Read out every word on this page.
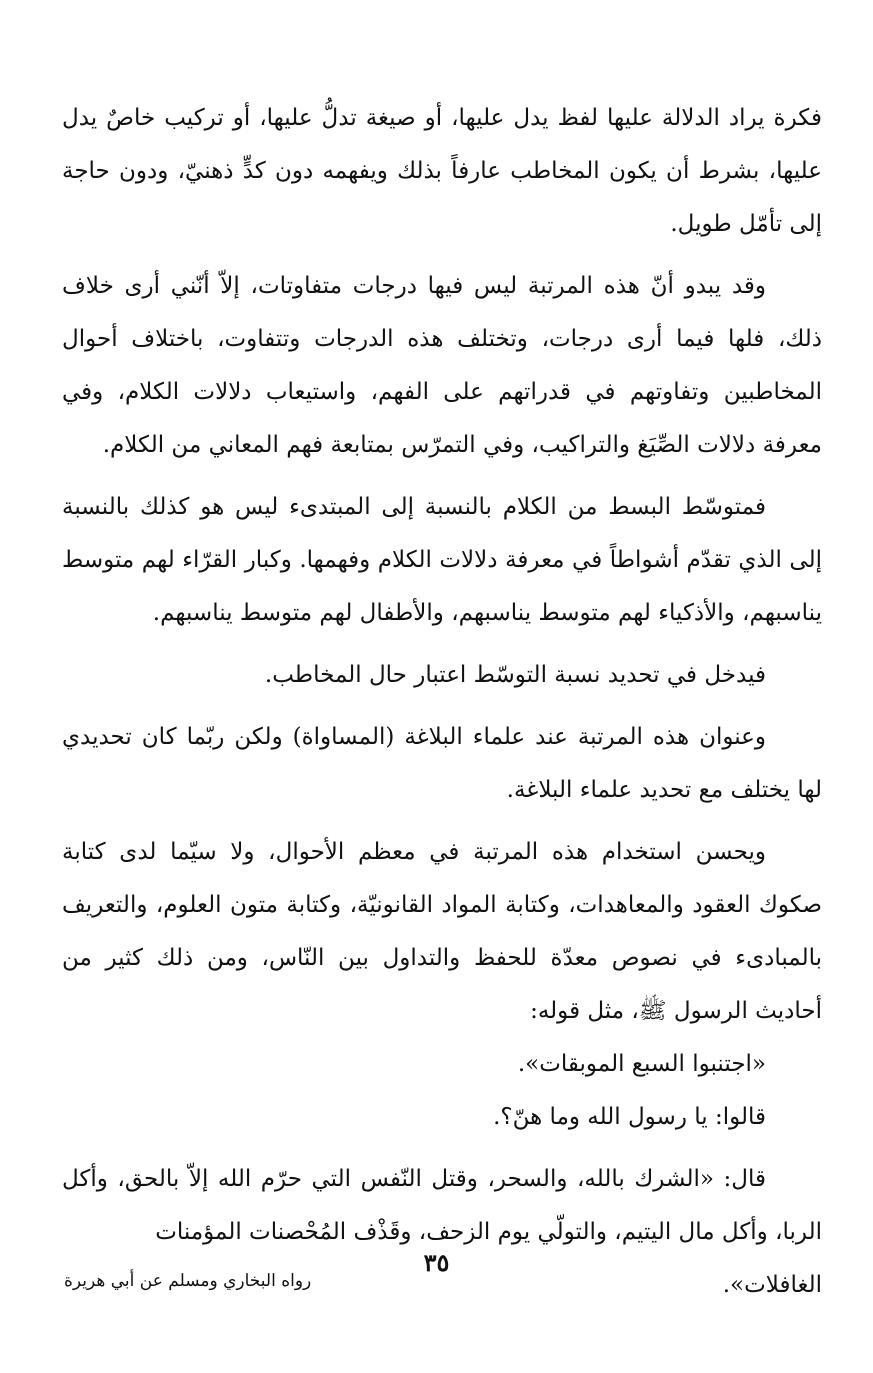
فكرة يراد الدلالة عليها لفظ يدل عليها، أو صيغة تدلُّ عليها، أو تركيب خاصٌ يدل عليها، بشرط أن يكون المخاطب عارفاً بذلك ويفهمه دون كدٍّ ذهنيّ، ودون حاجة إلى تأمّل طويل.

وقد يبدو أنّ هذه المرتبة ليس فيها درجات متفاوتات، إلاّ أنّني أرى خلاف ذلك، فلها فيما أرى درجات، وتختلف هذه الدرجات وتتفاوت، باختلاف أحوال المخاطبين وتفاوتهم في قدراتهم على الفهم، واستيعاب دلالات الكلام، وفي معرفة دلالات الصِّيَغ والتراكيب، وفي التمرّس بمتابعة فهم المعاني من الكلام.

فمتوسّط البسط من الكلام بالنسبة إلى المبتدىء ليس هو كذلك بالنسبة إلى الذي تقدّم أشواطاً في معرفة دلالات الكلام وفهمها. وكبار القرّاء لهم متوسط يناسبهم، والأذكياء لهم متوسط يناسبهم، والأطفال لهم متوسط يناسبهم.

فيدخل في تحديد نسبة التوسّط اعتبار حال المخاطب.

وعنوان هذه المرتبة عند علماء البلاغة (المساواة) ولكن ربّما كان تحديدي لها يختلف مع تحديد علماء البلاغة.

ويحسن استخدام هذه المرتبة في معظم الأحوال، ولا سيّما لدى كتابة صكوك العقود والمعاهدات، وكتابة المواد القانونيّة، وكتابة متون العلوم، والتعريف بالمبادىء في نصوص معدّة للحفظ والتداول بين النّاس، ومن ذلك كثير من أحاديث الرسول ﷺ، مثل قوله:

«اجتنبوا السبع الموبقات».

قالوا: يا رسول الله وما هنّ؟.

قال: «الشرك بالله، والسحر، وقتل النّفس التي حرّم الله إلاّ بالحق، وأكل الربا، وأكل مال اليتيم، والتولّي يوم الزحف، وقَذْف المُحْصنات المؤمنات

الغافلات».
رواه البخاري ومسلم عن أبي هريرة
٣٥
